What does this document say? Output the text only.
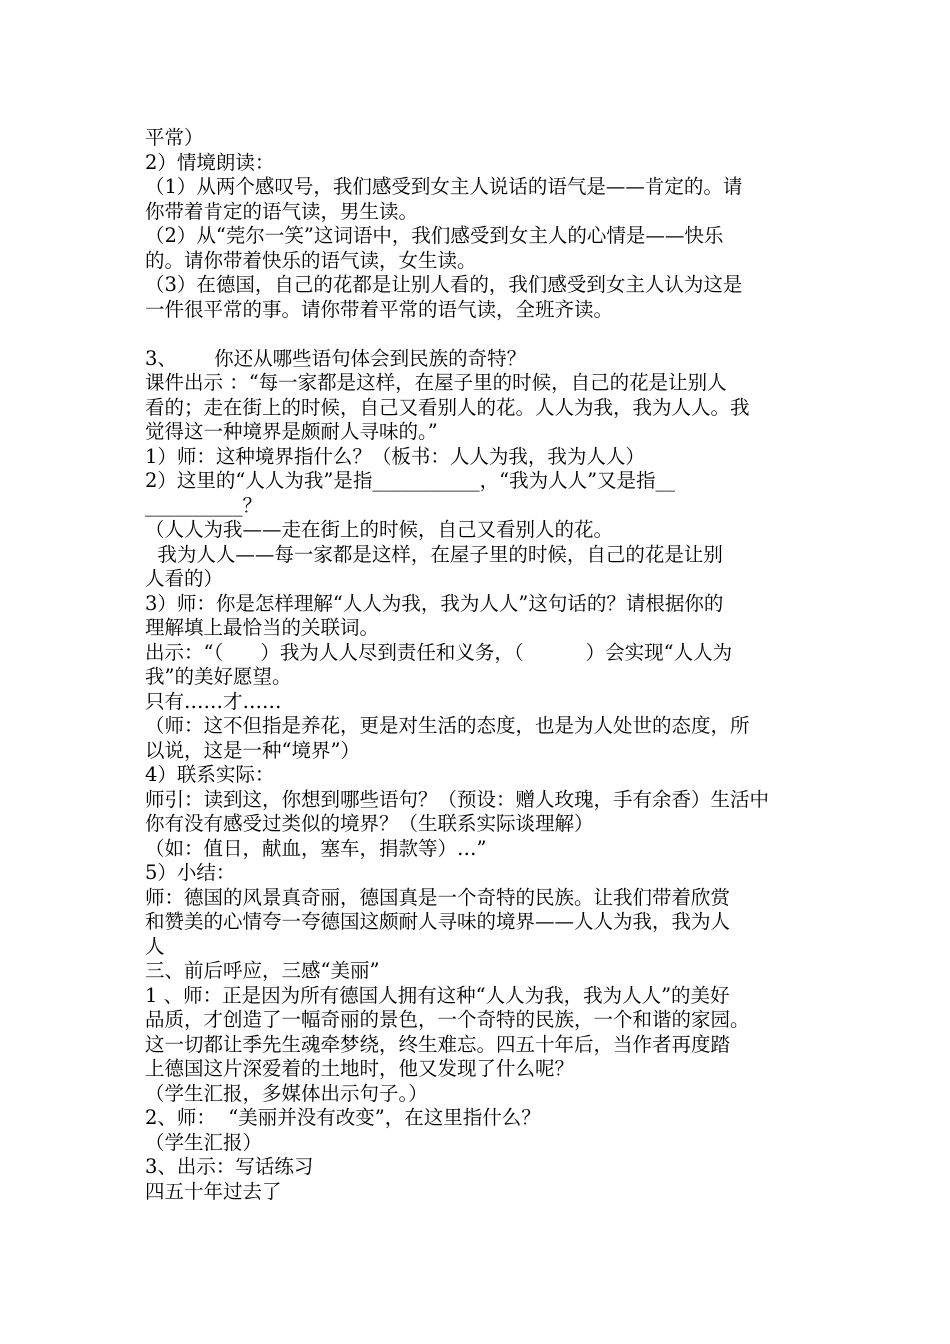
平常）
2）情境朗读：
（1）从两个感叹号，我们感受到女主人说话的语气是——肯定的。请
你带着肯定的语气读，男生读。
（2）从“莞尔一笑”这词语中，我们感受到女主人的心情是——快乐
的。请你带着快乐的语气读，女生读。
（3）在德国，自己的花都是让别人看的，我们感受到女主人认为这是
一件很平常的事。请你带着平常的语气读，全班齐读。
3、      你还从哪些语句体会到民族的奇特？
课件出示 ：“每一家都是这样，在屋子里的时候，自己的花是让别人
看的；走在街上的时候，自己又看别人的花。人人为我，我为人人。我
觉得这一种境界是颇耐人寻味的。”
1）师：这种境界指什么？（板书：人人为我，我为人人）
2）这里的“人人为我”是指___________，“我为人人”又是指__
__________？
（人人为我——走在街上的时候，自己又看别人的花。
我为人人——每一家都是这样，在屋子里的时候，自己的花是让别
人看的）
3）师：你是怎样理解“人人为我，我为人人”这句话的？请根据你的
理解填上最恰当的关联词。
出示：“（      ）我为人人尽到责任和义务，（          ）会实现“人人为
我”的美好愿望。
只有……才……
（师：这不但指是养花，更是对生活的态度，也是为人处世的态度，所
以说，这是一种“境界”）
4）联系实际：
师引：读到这，你想到哪些语句？（预设：赠人玫瑰，手有余香）生活中
你有没有感受过类似的境界？（生联系实际谈理解）
（如：值日，献血，塞车，捐款等）…”
5）小结：
师：德国的风景真奇丽，德国真是一个奇特的民族。让我们带着欣赏
和赞美的心情夸一夸德国这颇耐人寻味的境界——人人为我，我为人
人
三、前后呼应，三感“美丽”
1 、师：正是因为所有德国人拥有这种“人人为我，我为人人”的美好
品质，才创造了一幅奇丽的景色，一个奇特的民族，一个和谐的家园。
这一切都让季先生魂牵梦绕，终生难忘。四五十年后，当作者再度踏
上德国这片深爱着的土地时，他又发现了什么呢？
（学生汇报，多媒体出示句子。）
2、师：  “美丽并没有改变”，在这里指什么？
（学生汇报）
3、出示：写话练习
四五十年过去了
